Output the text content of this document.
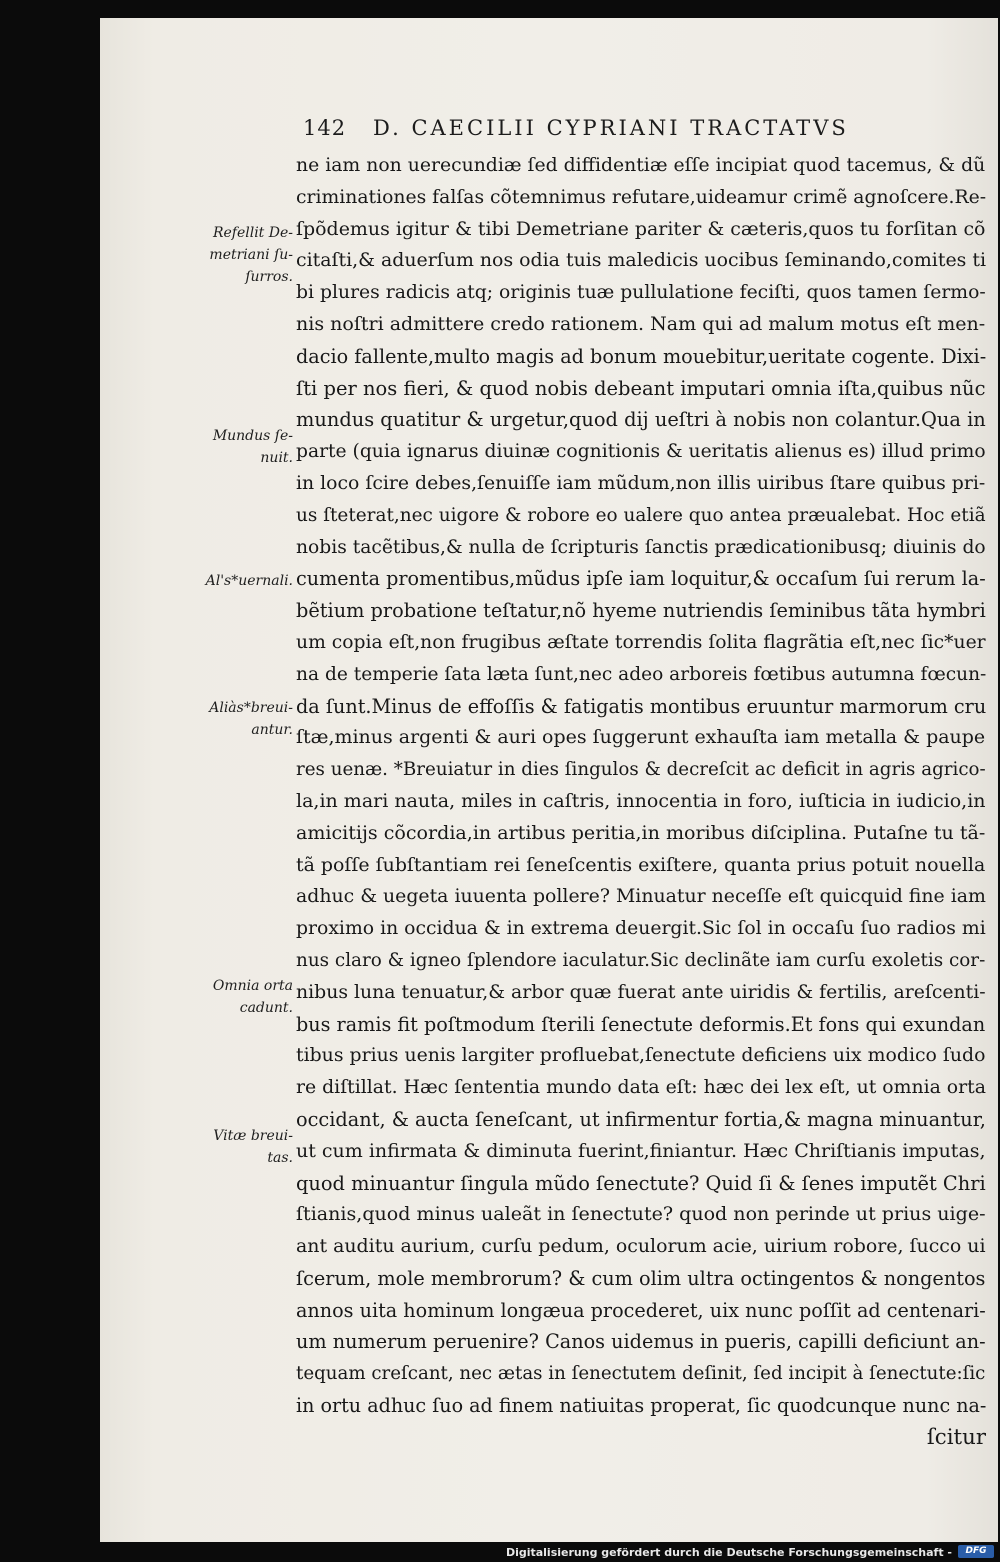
142 D. CAECILII CYPRIANI TRACTATVS
ne iam non uerecundiæ ſed diffidentiæ eſſe incipiat quod tacemus, & dũ
criminationes falſas cõtemnimus refutare,uideamur crimẽ agnoſcere.Re-
ſpõdemus igitur & tibi Demetriane pariter & cæteris,quos tu forſitan cõ
citaſti,& aduerſum nos odia tuis maledicis uocibus ſeminando,comites ti
bi plures radicis atq; originis tuæ pullulatione feciſti, quos tamen ſermo-
nis noſtri admittere credo rationem. Nam qui ad malum motus eſt men-
dacio fallente,multo magis ad bonum mouebitur,ueritate cogente. Dixi-
ſti per nos fieri, & quod nobis debeant imputari omnia iſta,quibus nũc
mundus quatitur & urgetur,quod dij ueſtri à nobis non colantur.Qua in
parte (quia ignarus diuinæ cognitionis & ueritatis alienus es) illud primo
in loco ſcire debes,ſenuiſſe iam mũdum,non illis uiribus ſtare quibus pri-
us ſteterat,nec uigore & robore eo ualere quo antea præualebat. Hoc etiã
nobis tacẽtibus,& nulla de ſcripturis ſanctis prædicationibusq; diuinis do
cumenta promentibus,mũdus ipſe iam loquitur,& occaſum ſui rerum la-
bẽtium probatione teſtatur,nõ hyeme nutriendis ſeminibus tãta hymbri
um copia eſt,non frugibus æſtate torrendis ſolita flagrãtia eſt,nec ſic*uer
na de temperie ſata læta ſunt,nec adeo arboreis fœtibus autumna fœcun-
da ſunt.Minus de effoſſis & fatigatis montibus eruuntur marmorum cru
ſtæ,minus argenti & auri opes ſuggerunt exhauſta iam metalla & paupe
res uenæ. *Breuiatur in dies ſingulos & decreſcit ac deficit in agris agrico-
la,in mari nauta, miles in caſtris, innocentia in foro, iuſticia in iudicio,in
amicitijs cõcordia,in artibus peritia,in moribus diſciplina. Putaſne tu tã-
tã poſſe ſubſtantiam rei ſeneſcentis exiſtere, quanta prius potuit nouella
adhuc & uegeta iuuenta pollere? Minuatur neceſſe eſt quicquid fine iam
proximo in occidua & in extrema deuergit.Sic ſol in occaſu ſuo radios mi
nus claro & igneo ſplendore iaculatur.Sic declinãte iam curſu exoletis cor-
nibus luna tenuatur,& arbor quæ fuerat ante uiridis & fertilis, areſcenti-
bus ramis fit poſtmodum ſterili ſenectute deformis.Et fons qui exundan
tibus prius uenis largiter profluebat,ſenectute deficiens uix modico ſudo
re diſtillat. Hæc ſententia mundo data eſt: hæc dei lex eſt, ut omnia orta
occidant, & aucta ſeneſcant, ut infirmentur fortia,& magna minuantur,
ut cum infirmata & diminuta fuerint,finiantur. Hæc Chriſtianis imputas,
quod minuantur ſingula mũdo ſenectute? Quid ſi & ſenes imputẽt Chri
ſtianis,quod minus ualeãt in ſenectute? quod non perinde ut prius uige-
ant auditu aurium, curſu pedum, oculorum acie, uirium robore, ſucco ui
ſcerum, mole membrorum? & cum olim ultra octingentos & nongentos
annos uita hominum longæua procederet, uix nunc poſſit ad centenari-
um numerum peruenire? Canos uidemus in pueris, capilli deficiunt an-
tequam creſcant, nec ætas in ſenectutem deſinit, ſed incipit à ſenectute:ſic
in ortu adhuc ſuo ad finem natiuitas properat, ſic quodcunque nunc na-
ſcitur
Refellit De-
metriani ſu-
ſurros.
Mundus ſe-
nuit.
Al's*uernali.
Aliàs*breui-
antur.
Omnia orta
cadunt.
Vitæ breui-
tas.
Digitalisierung gefördert durch die Deutsche Forschungsgemeinschaft -	DFG
